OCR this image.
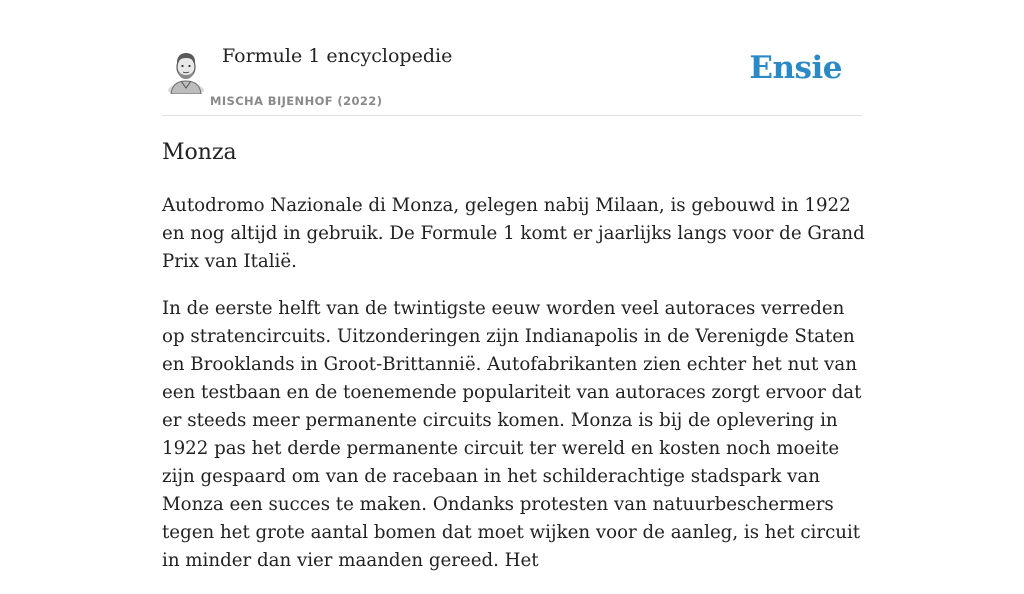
Formule 1 encyclopedie
MISCHA BIJENHOF (2022)
Ensie
Monza

Autodromo Nazionale di Monza, gelegen nabij Milaan, is gebouwd in 1922 en nog altijd in gebruik. De Formule 1 komt er jaarlijks langs voor de Grand Prix van Italië.

In de eerste helft van de twintigste eeuw worden veel autoraces verreden op stratencircuits. Uitzonderingen zijn Indianapolis in de Verenigde Staten en Brooklands in Groot-Brittannië. Autofabrikanten zien echter het nut van een testbaan en de toenemende populariteit van autoraces zorgt ervoor dat er steeds meer permanente circuits komen. Monza is bij de oplevering in 1922 pas het derde permanente circuit ter wereld en kosten noch moeite zijn gespaard om van de racebaan in het schilderachtige stadspark van Monza een succes te maken. Ondanks protesten van natuurbeschermers tegen het grote aantal bomen dat moet wijken voor de aanleg, is het circuit in minder dan vier maanden gereed. Het
